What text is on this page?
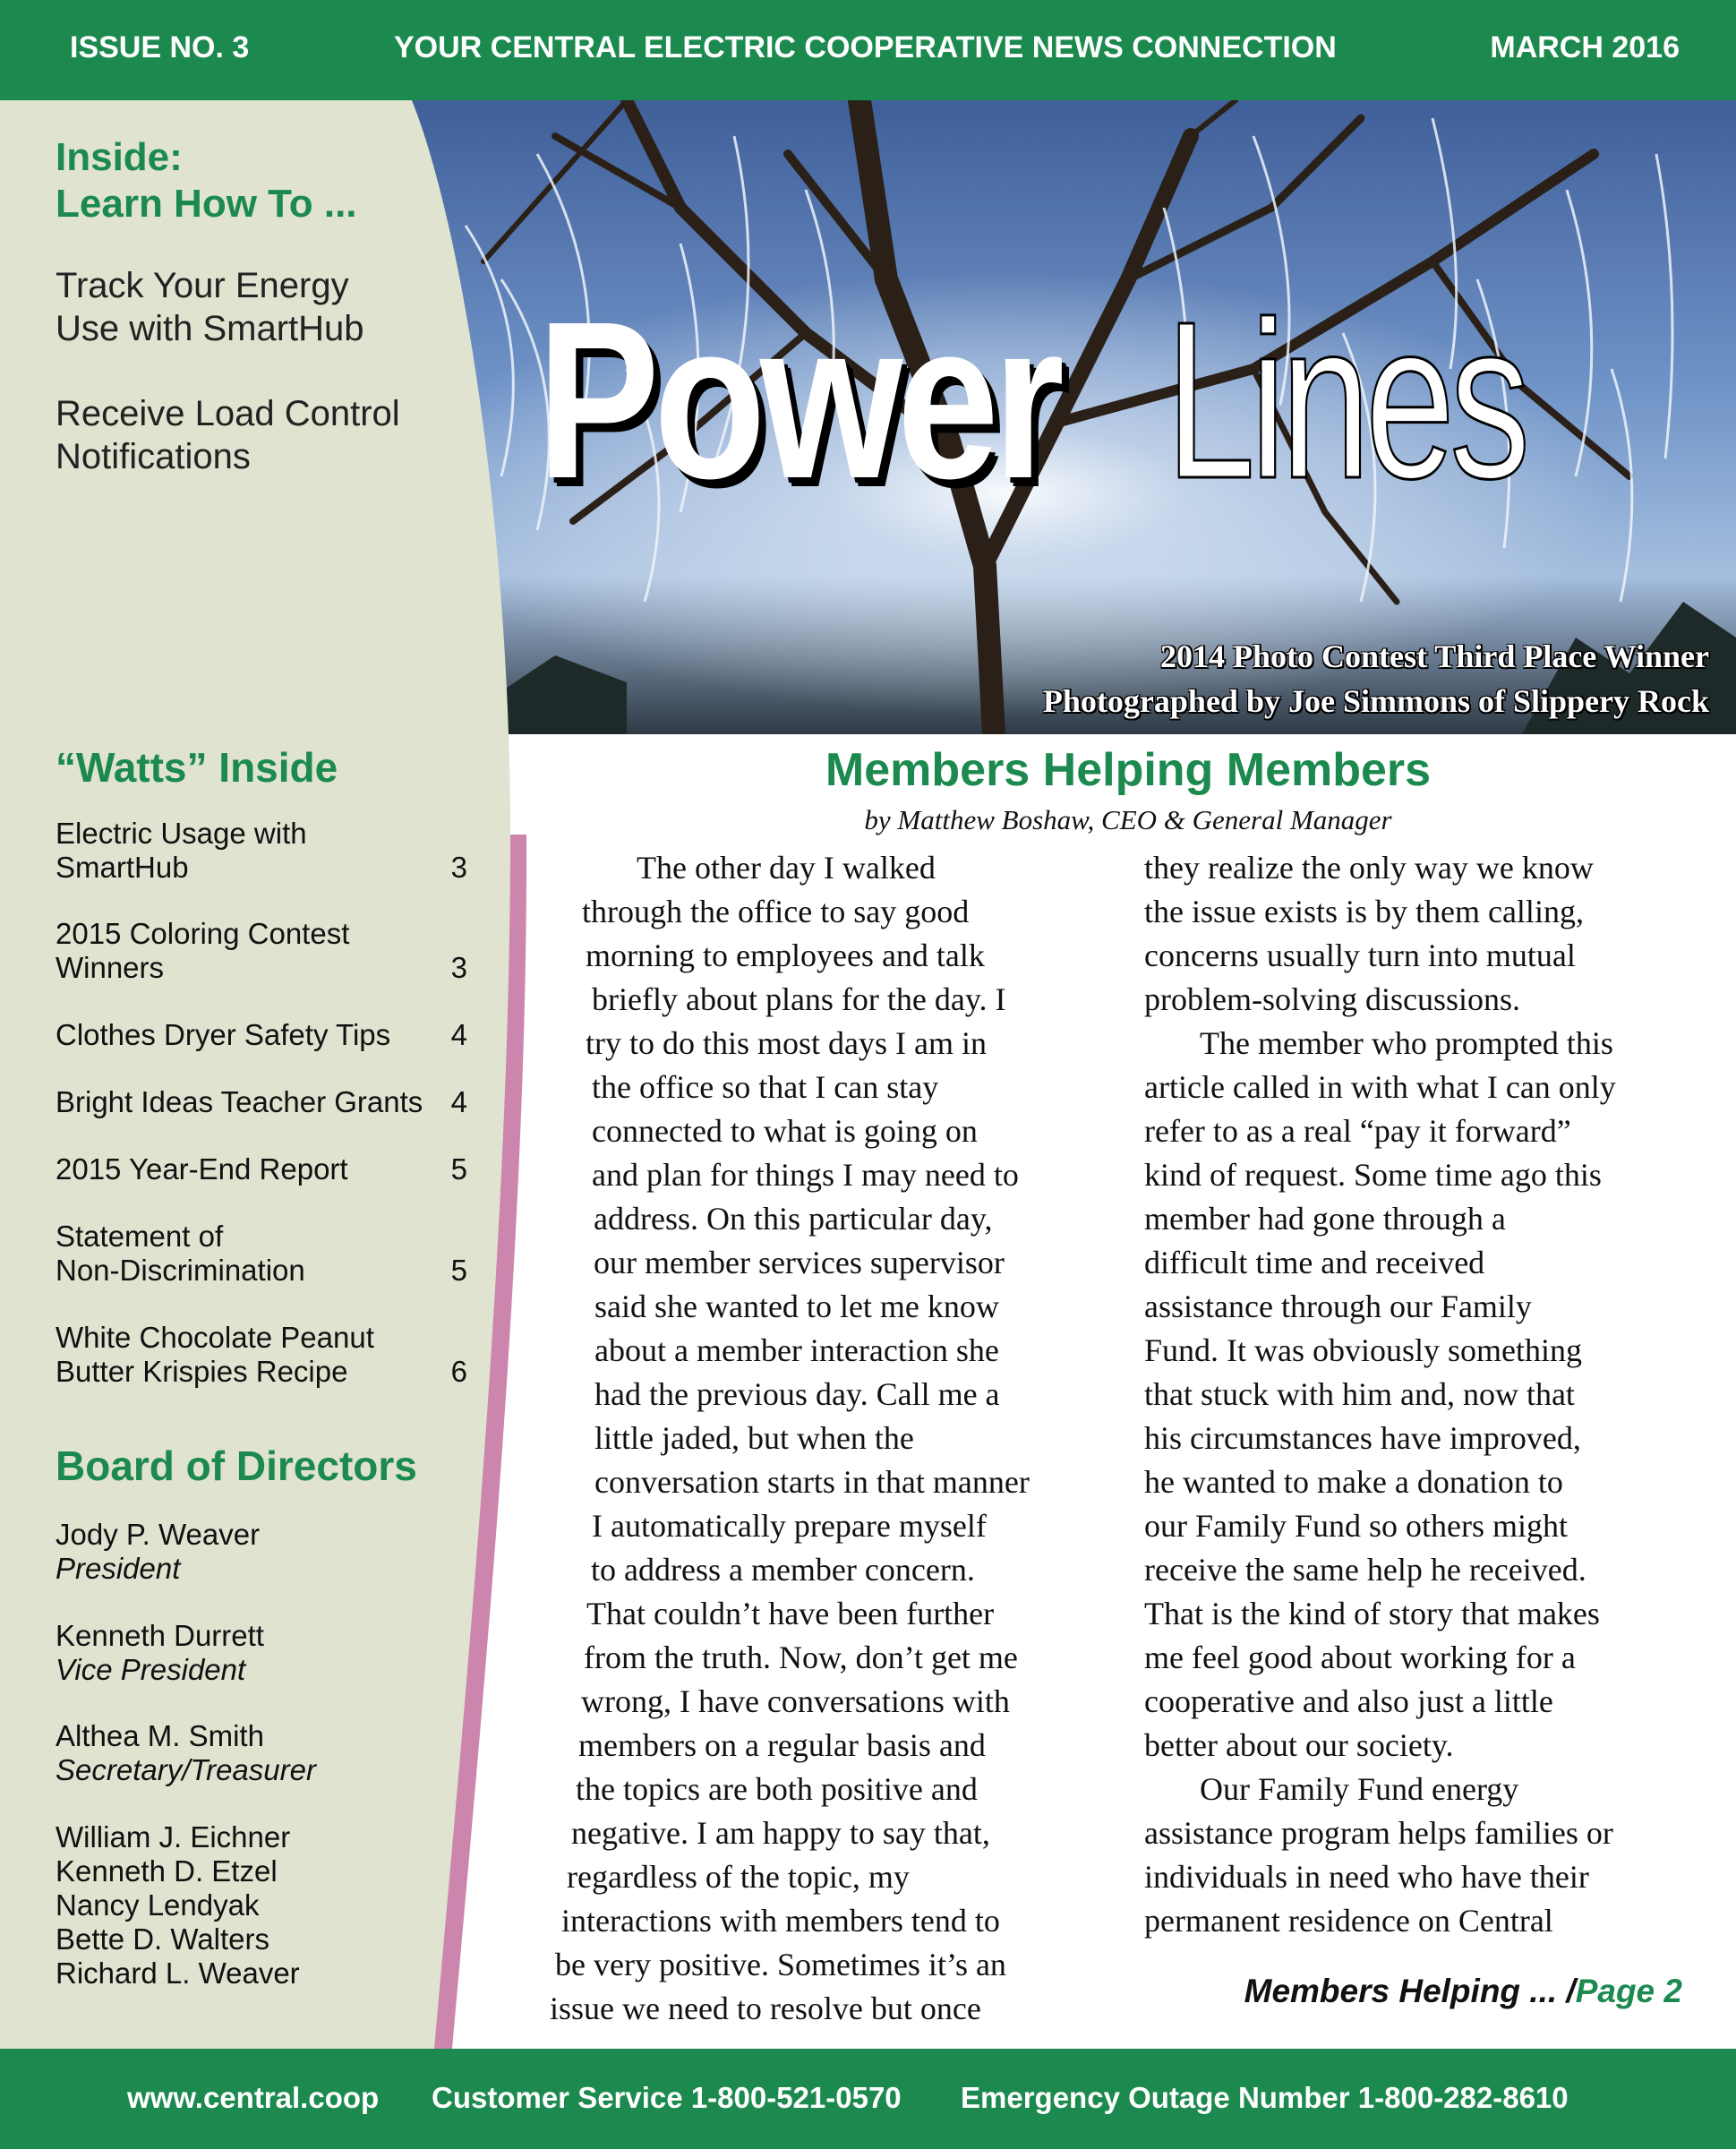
ISSUE NO. 3	YOUR CENTRAL ELECTRIC COOPERATIVE NEWS CONNECTION	MARCH 2016
Power Lines
2014 Photo Contest Third Place Winner
Photographed by Joe Simmons of Slippery Rock
Inside:
Learn How To ...
Track Your Energy
Use with SmartHub
Receive Load Control
Notifications
“Watts” Inside
Electric Usage with
SmartHub	3
2015 Coloring Contest
Winners	3
Clothes Dryer Safety Tips	4
Bright Ideas Teacher Grants 4
2015 Year-End Report	5
Statement of
Non-Discrimination	5
White Chocolate Peanut
Butter Krispies Recipe	6
Board of Directors
Jody P. Weaver
President
Kenneth Durrett
Vice President
Althea M. Smith
Secretary/Treasurer
William J. Eichner
Kenneth D. Etzel
Nancy Lendyak
Bette D. Walters
Richard L. Weaver
Members Helping Members
by Matthew Boshaw, CEO & General Manager
The other day I walked
through the office to say good
morning to employees and talk
briefly about plans for the day. I
try to do this most days I am in
the office so that I can stay
connected to what is going on
and plan for things I may need to
address. On this particular day,
our member services supervisor
said she wanted to let me know
about a member interaction she
had the previous day. Call me a
little jaded, but when the
conversation starts in that manner
I automatically prepare myself
to address a member concern.
That couldn’t have been further
from the truth. Now, don’t get me
wrong, I have conversations with
members on a regular basis and
the topics are both positive and
negative. I am happy to say that,
regardless of the topic, my
interactions with members tend to
be very positive. Sometimes it’s an
issue we need to resolve but once
they realize the only way we know
the issue exists is by them calling,
concerns usually turn into mutual
problem-solving discussions.
The member who prompted this
article called in with what I can only
refer to as a real “pay it forward”
kind of request. Some time ago this
member had gone through a
difficult time and received
assistance through our Family
Fund. It was obviously something
that stuck with him and, now that
his circumstances have improved,
he wanted to make a donation to
our Family Fund so others might
receive the same help he received.
That is the kind of story that makes
me feel good about working for a
cooperative and also just a little
better about our society.
Our Family Fund energy
assistance program helps families or
individuals in need who have their
permanent residence on Central
Members Helping ... /Page 2
www.central.coop Customer Service 1-800-521-0570 Emergency Outage Number 1-800-282-8610
